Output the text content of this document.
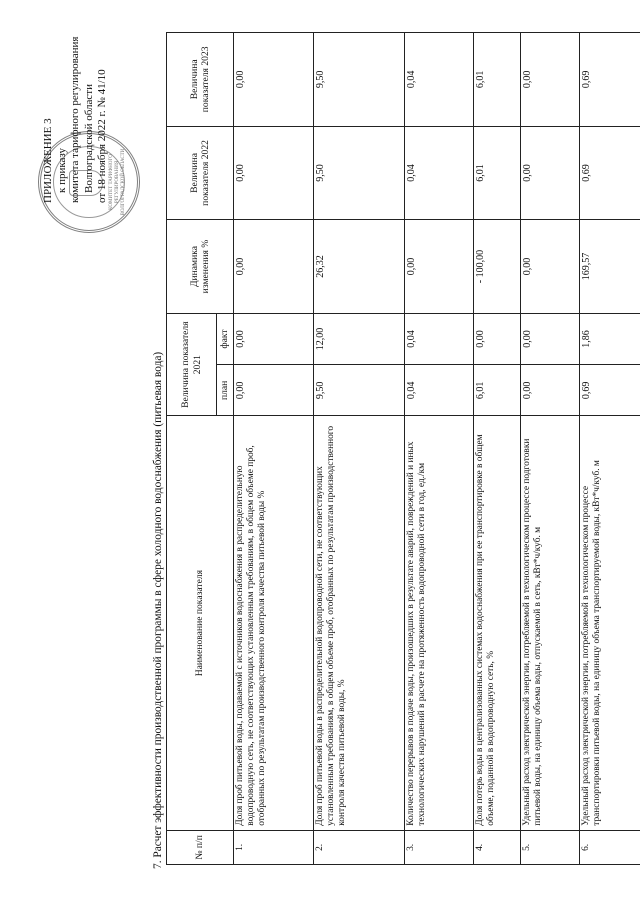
КОМИТЕТ ТАРИФНОГО РЕГУЛИРОВАНИЯ ВОЛГОГРАДСКОЙ ОБЛАСТИ
ПРИЛОЖЕНИЕ 3 к приказу комитета тарифного регулирования Волгоградской области от 18 ноября 2022 г. № 41/10
7. Расчет эффективности производственной программы в сфере холодного водоснабжения (питьевая вода)	№ п/п	Наименование показателя	Величина показателя 2021		Динамика изменения %	Величина показателя 2022	Величина показателя 2023
		план	факт			
1.	Доля проб питьевой воды, подаваемой с источников водоснабжения в распределительную водопроводную сеть, не соответствующих установленным требованиям, в общем объеме проб, отобранных по результатам производственного контроля качества питьевой воды %	0,00	0,00	0,00	0,00	0,00
2.	Доля проб питьевой воды в распределительной водопроводной сети, не соответствующих установленным требованиям, в общем объеме проб, отобранных по результатам производственного контроля качества питьевой воды, %	9,50	12,00	26,32	9,50	9,50
3.	Количество перерывов в подаче воды, произошедших в результате аварий, повреждений и иных технологических нарушений в расчете на протяженность водопроводной сети в год, ед./км	0,04	0,04	0,00	0,04	0,04
4.	Доля потерь воды в централизованных системах водоснабжения при ее транспортировке в общем объеме, поданной в водопроводную сеть, %	6,01	0,00	- 100,00	6,01	6,01
5.	Удельный расход электрической энергии, потребляемой в технологическом процессе подготовки питьевой воды, на единицу объема воды, отпускаемой в сеть, кВт*ч/куб. м	0,00	0,00	0,00	0,00	0,00
6.	Удельный расход электрической энергии, потребляемой в технологическом процессе транспортировки питьевой воды, на единицу объема транспортируемой воды, кВт*ч/куб. м	0,69	1,86	169,57	0,69	0,69
